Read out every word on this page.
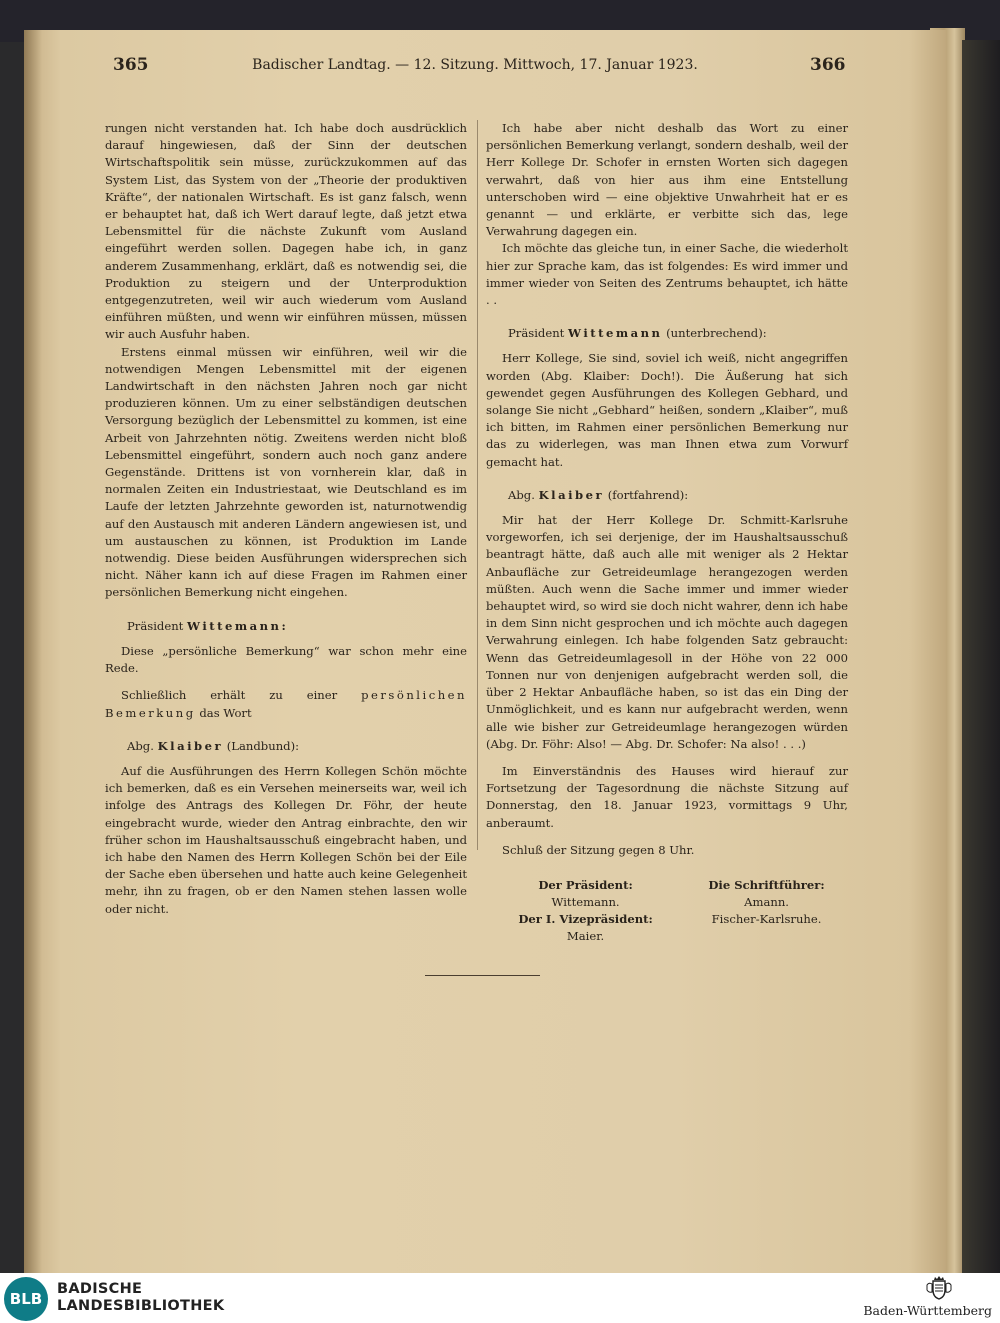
365	Badischer Landtag. — 12. Sitzung. Mittwoch, 17. Januar 1923.	366

rungen nicht verstanden hat. Ich habe doch ausdrücklich darauf hingewiesen, daß der Sinn der deutschen Wirtschaftspolitik sein müsse, zurückzukommen auf das System List, das System von der „Theorie der produktiven Kräfte“, der nationalen Wirtschaft. Es ist ganz falsch, wenn er behauptet hat, daß ich Wert darauf legte, daß jetzt etwa Lebensmittel für die nächste Zukunft vom Ausland eingeführt werden sollen. Dagegen habe ich, in ganz anderem Zusammenhang, erklärt, daß es notwendig sei, die Produktion zu steigern und der Unterproduktion entgegenzutreten, weil wir auch wiederum vom Ausland einführen müßten, und wenn wir einführen müssen, müssen wir auch Ausfuhr haben.

Erstens einmal müssen wir einführen, weil wir die notwendigen Mengen Lebensmittel mit der eigenen Landwirtschaft in den nächsten Jahren noch gar nicht produzieren können. Um zu einer selbständigen deutschen Versorgung bezüglich der Lebensmittel zu kommen, ist eine Arbeit von Jahrzehnten nötig. Zweitens werden nicht bloß Lebensmittel eingeführt, sondern auch noch ganz andere Gegenstände. Drittens ist von vornherein klar, daß in normalen Zeiten ein Industriestaat, wie Deutschland es im Laufe der letzten Jahrzehnte geworden ist, naturnotwendig auf den Austausch mit anderen Ländern angewiesen ist, und um austauschen zu können, ist Produktion im Lande notwendig. Diese beiden Ausführungen widersprechen sich nicht. Näher kann ich auf diese Fragen im Rahmen einer persönlichen Bemerkung nicht eingehen.

Präsident Wittemann:

Diese „persönliche Bemerkung“ war schon mehr eine Rede.

Schließlich erhält zu einer persönlichen Bemerkung das Wort

Abg. Klaiber (Landbund):

Auf die Ausführungen des Herrn Kollegen Schön möchte ich bemerken, daß es ein Versehen meinerseits war, weil ich infolge des Antrags des Kollegen Dr. Föhr, der heute eingebracht wurde, wieder den Antrag einbrachte, den wir früher schon im Haushaltsausschuß eingebracht haben, und ich habe den Namen des Herrn Kollegen Schön bei der Eile der Sache eben übersehen und hatte auch keine Gelegenheit mehr, ihn zu fragen, ob er den Namen stehen lassen wolle oder nicht.

Ich habe aber nicht deshalb das Wort zu einer persönlichen Bemerkung verlangt, sondern deshalb, weil der Herr Kollege Dr. Schofer in ernsten Worten sich dagegen verwahrt, daß von hier aus ihm eine Entstellung unterschoben wird — eine objektive Unwahrheit hat er es genannt — und erklärte, er verbitte sich das, lege Verwahrung dagegen ein.

Ich möchte das gleiche tun, in einer Sache, die wiederholt hier zur Sprache kam, das ist folgendes: Es wird immer und immer wieder von Seiten des Zentrums behauptet, ich hätte . .

Präsident Wittemann (unterbrechend):

Herr Kollege, Sie sind, soviel ich weiß, nicht angegriffen worden (Abg. Klaiber: Doch!). Die Äußerung hat sich gewendet gegen Ausführungen des Kollegen Gebhard, und solange Sie nicht „Gebhard“ heißen, sondern „Klaiber“, muß ich bitten, im Rahmen einer persönlichen Bemerkung nur das zu widerlegen, was man Ihnen etwa zum Vorwurf gemacht hat.

Abg. Klaiber (fortfahrend):

Mir hat der Herr Kollege Dr. Schmitt-Karlsruhe vorgeworfen, ich sei derjenige, der im Haushaltsausschuß beantragt hätte, daß auch alle mit weniger als 2 Hektar Anbaufläche zur Getreideumlage herangezogen werden müßten. Auch wenn die Sache immer und immer wieder behauptet wird, so wird sie doch nicht wahrer, denn ich habe in dem Sinn nicht gesprochen und ich möchte auch dagegen Verwahrung einlegen. Ich habe folgenden Satz gebraucht: Wenn das Getreideumlagesoll in der Höhe von 22 000 Tonnen nur von denjenigen aufgebracht werden soll, die über 2 Hektar Anbaufläche haben, so ist das ein Ding der Unmöglichkeit, und es kann nur aufgebracht werden, wenn alle wie bisher zur Getreideumlage herangezogen würden (Abg. Dr. Föhr: Also! — Abg. Dr. Schofer: Na also! . . .)

Im Einverständnis des Hauses wird hierauf zur Fortsetzung der Tagesordnung die nächste Sitzung auf Donnerstag, den 18. Januar 1923, vormittags 9 Uhr, anberaumt.

Schluß der Sitzung gegen 8 Uhr.

Der Präsident:	Die Schriftführer:
Wittemann.	Amann.
Der I. Vizepräsident:	Fischer-Karlsruhe.
Maier.
BLB
BADISCHE
LANDESBIBLIOTHEK	Baden-Württemberg
